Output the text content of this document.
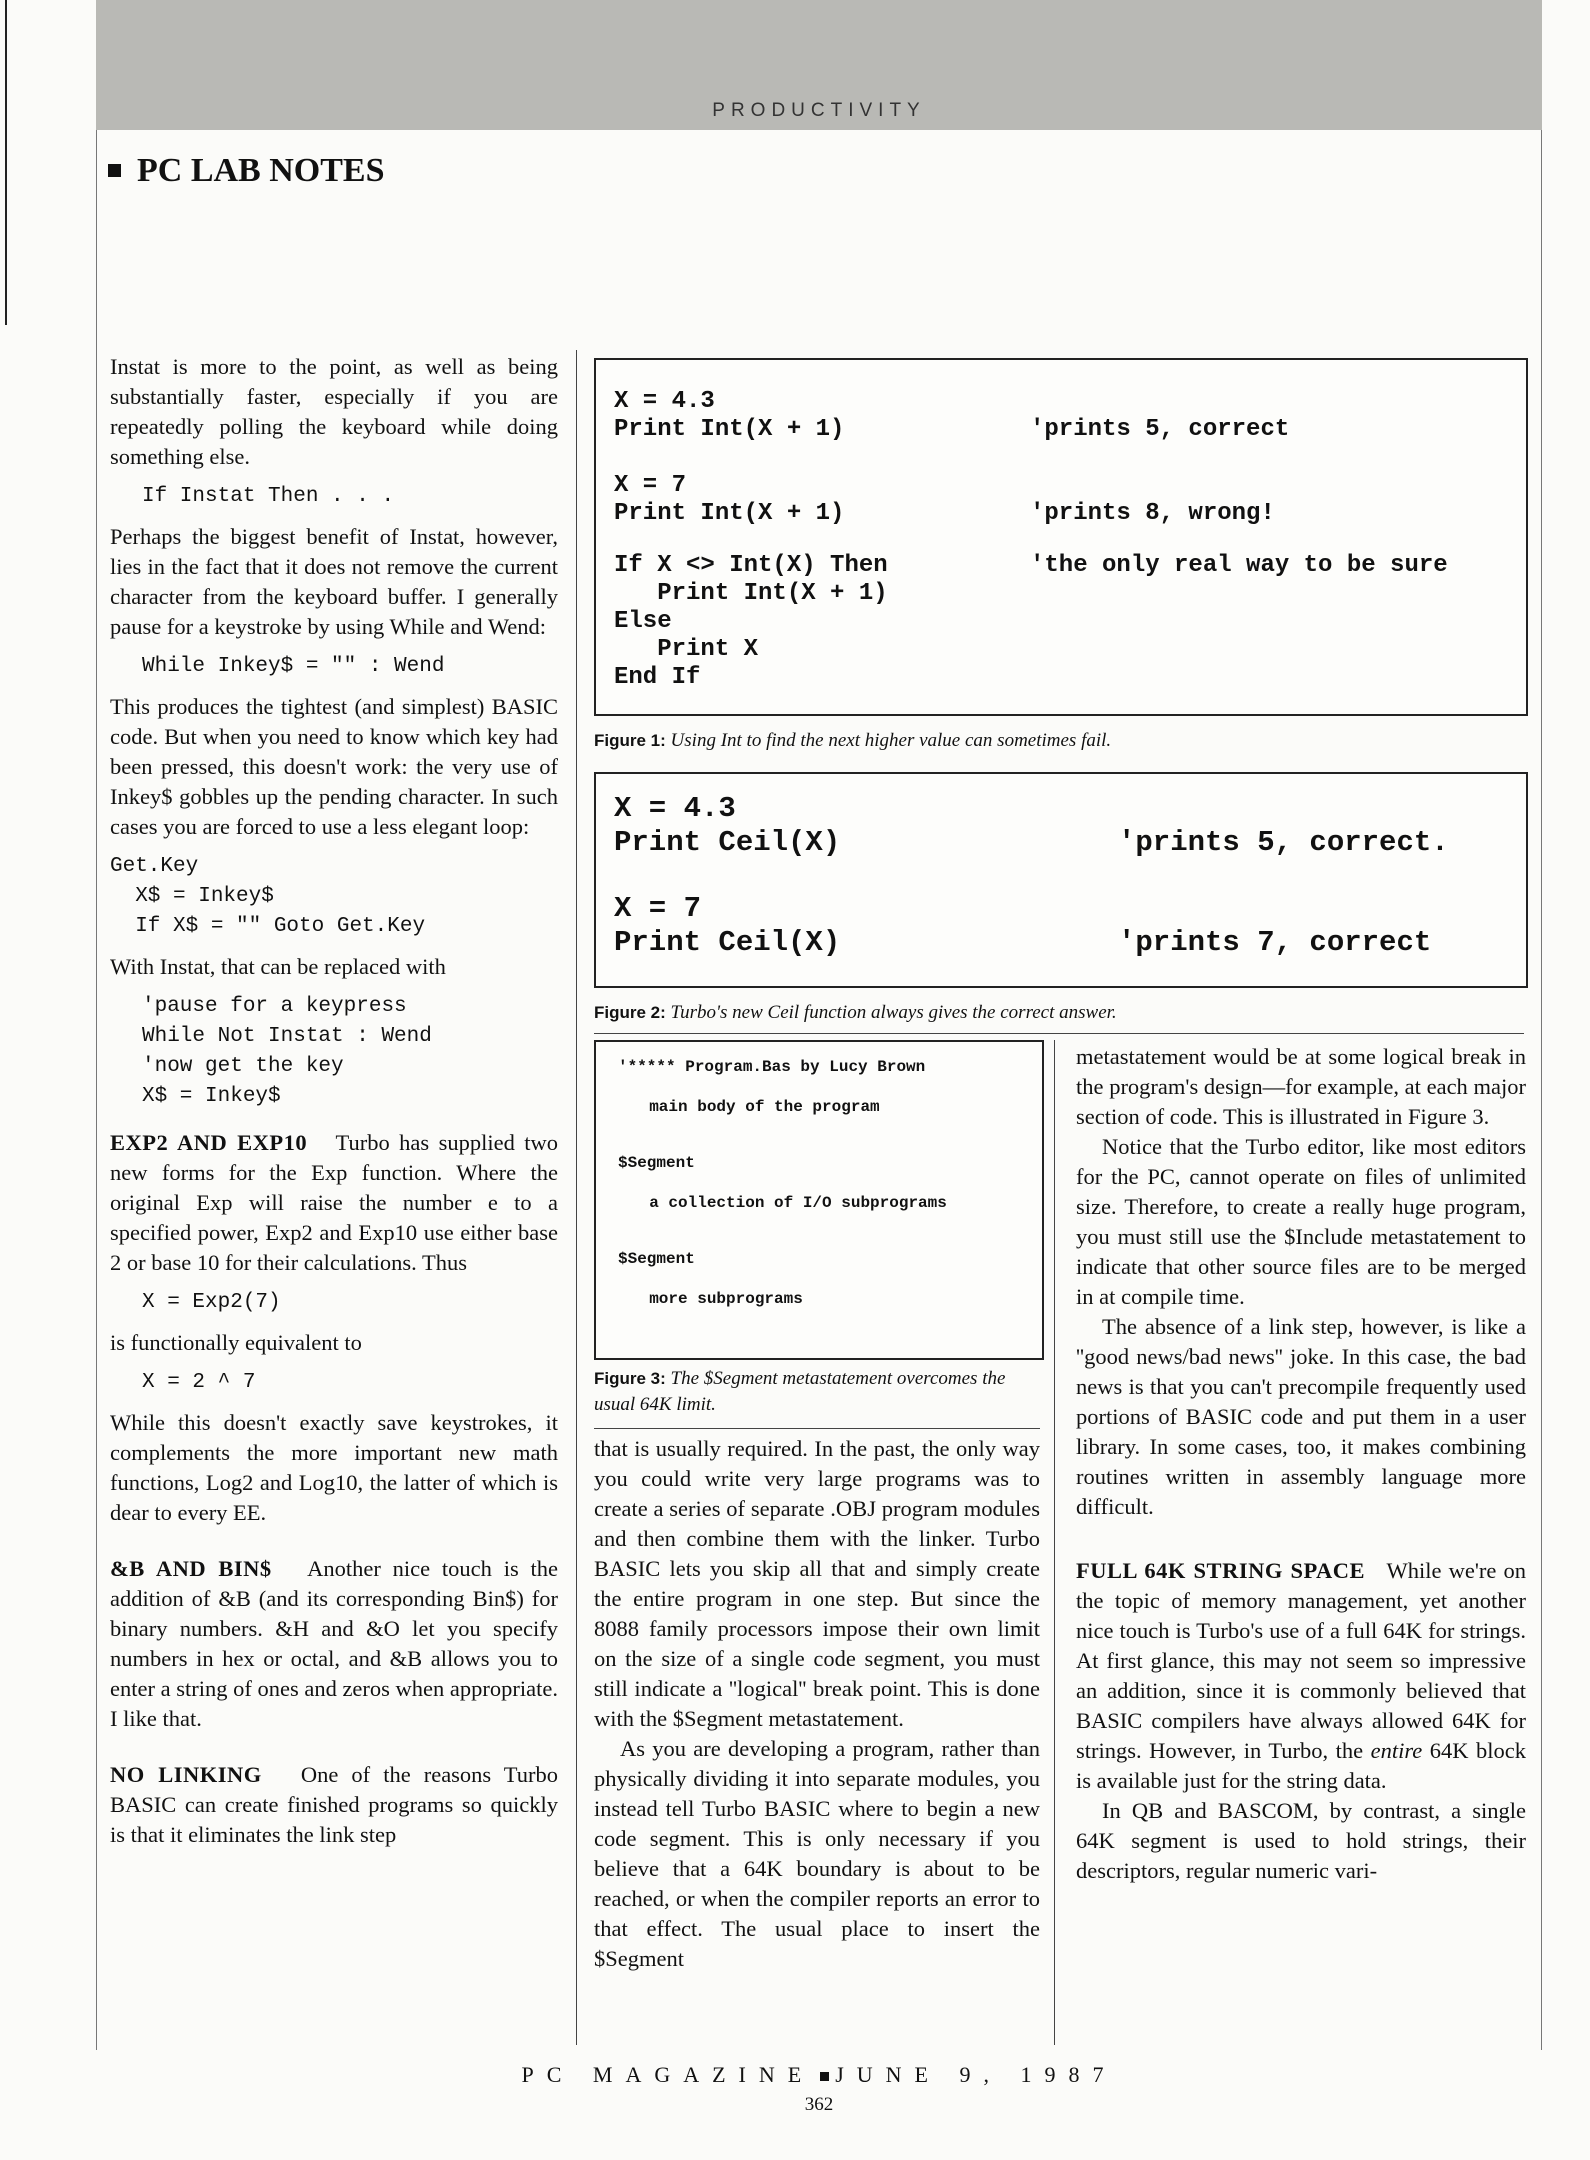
PRODUCTIVITY
PC LAB NOTES

Instat is more to the point, as well as being substantially faster, especially if you are repeatedly polling the keyboard while doing something else.

If Instat Then . . .

Perhaps the biggest benefit of Instat, however, lies in the fact that it does not remove the current character from the keyboard buffer. I generally pause for a keystroke by using While and Wend:

While Inkey$ = "" : Wend

This produces the tightest (and simplest) BASIC code. But when you need to know which key had been pressed, this doesn't work: the very use of Inkey$ gobbles up the pending character. In such cases you are forced to use a less elegant loop:

Get.Key
X$ = Inkey$
If X$ = "" Goto Get.Key

With Instat, that can be replaced with

'pause for a keypress
While Not Instat : Wend
'now get the key
X$ = Inkey$

EXP2 AND EXP10 Turbo has supplied two new forms for the Exp function. Where the original Exp will raise the number e to a specified power, Exp2 and Exp10 use either base 2 or base 10 for their calculations. Thus

X = Exp2(7)

is functionally equivalent to

X = 2 ^ 7

While this doesn't exactly save keystrokes, it complements the more important new math functions, Log2 and Log10, the latter of which is dear to every EE.

&B AND BIN$ Another nice touch is the addition of &B (and its corresponding Bin$) for binary numbers. &H and &O let you specify numbers in hex or octal, and &B allows you to enter a string of ones and zeros when appropriate. I like that.

NO LINKING One of the reasons Turbo BASIC can create finished programs so quickly is that it eliminates the link step

X = 4.3
Print Int(X + 1)	'prints 5, correct
X = 7
Print Int(X + 1)	'prints 8, wrong!
If X <> Int(X) Then	'the only real way to be sure
Print Int(X + 1)
Else
Print X
End If
Figure 1: Using Int to find the next higher value can sometimes fail.
X = 4.3
Print Ceil(X)	'prints 5, correct.
X = 7
Print Ceil(X)	'prints 7, correct
Figure 2: Turbo's new Ceil function always gives the correct answer.
'***** Program.Bas by Lucy Brown
main body of the program
$Segment
a collection of I/O subprograms
$Segment
more subprograms
Figure 3: The $Segment metastatement overcomes the usual 64K limit.

that is usually required. In the past, the only way you could write very large programs was to create a series of separate .OBJ program modules and then combine them with the linker. Turbo BASIC lets you skip all that and simply create the entire program in one step. But since the 8088 family processors impose their own limit on the size of a single code segment, you must still indicate a ''logical'' break point. This is done with the $Segment metastatement.

As you are developing a program, rather than physically dividing it into separate modules, you instead tell Turbo BASIC where to begin a new code segment. This is only necessary if you believe that a 64K boundary is about to be reached, or when the compiler reports an error to that effect. The usual place to insert the $Segment

metastatement would be at some logical break in the program's design—for example, at each major section of code. This is illustrated in Figure 3.

Notice that the Turbo editor, like most editors for the PC, cannot operate on files of unlimited size. Therefore, to create a really huge program, you must still use the $Include metastatement to indicate that other source files are to be merged in at compile time.

The absence of a link step, however, is like a ''good news/bad news'' joke. In this case, the bad news is that you can't precompile frequently used portions of BASIC code and put them in a user library. In some cases, too, it makes combining routines written in assembly language more difficult.

FULL 64K STRING SPACE While we're on the topic of memory management, yet another nice touch is Turbo's use of a full 64K for strings. At first glance, this may not seem so impressive an addition, since it is commonly believed that BASIC compilers have always allowed 64K for strings. However, in Turbo, the entire 64K block is available just for the string data.

In QB and BASCOM, by contrast, a single 64K segment is used to hold strings, their descriptors, regular numeric vari-

PC MAGAZINE JUNE 9, 1987
362
